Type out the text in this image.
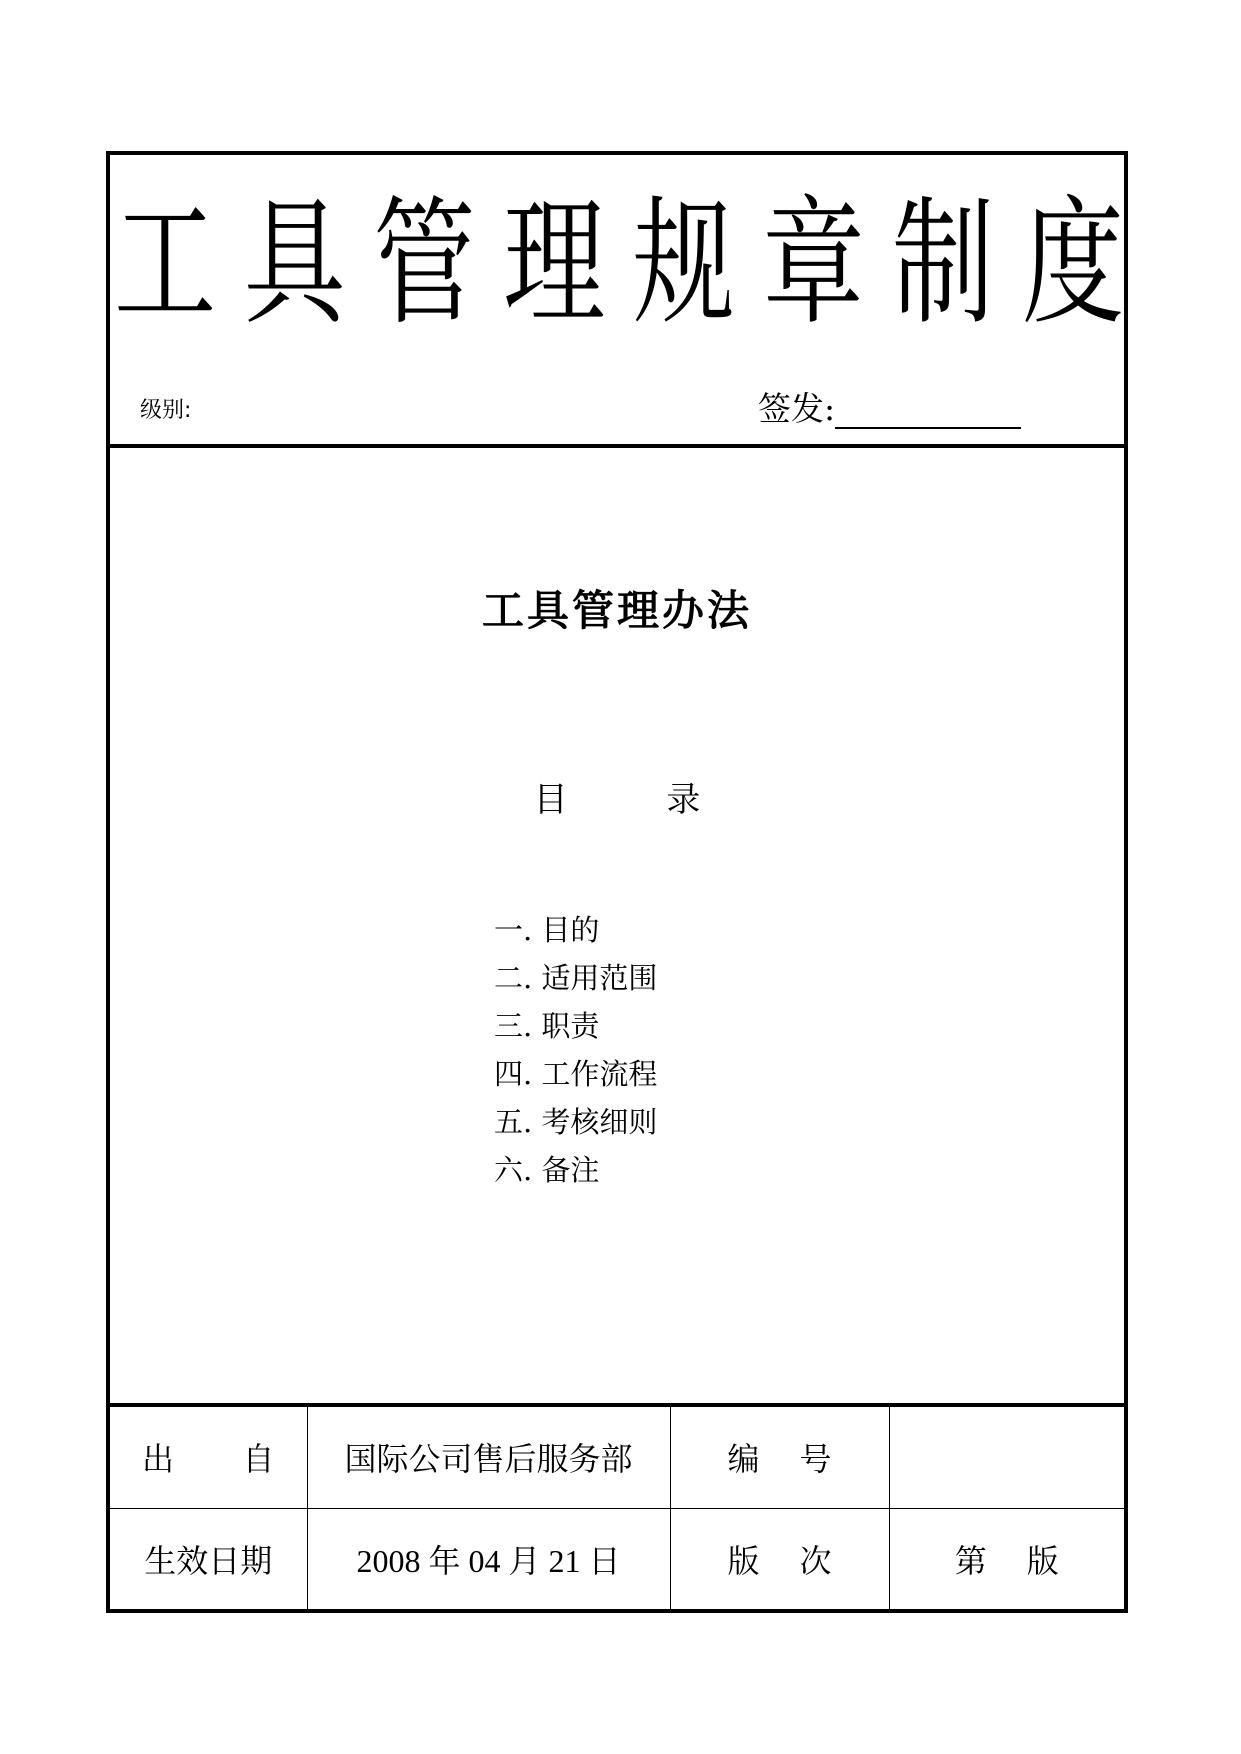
工 具 管 理 规 章 制 度
级别:	签发:
工具管理办法
目 录
一. 目的
二. 适用范围
三. 职责
四. 工作流程
五. 考核细则
六. 备注
出 自	国际公司售后服务部	编 号	

生效日期	2008 年 04 月 21 日	版 次	第 版
